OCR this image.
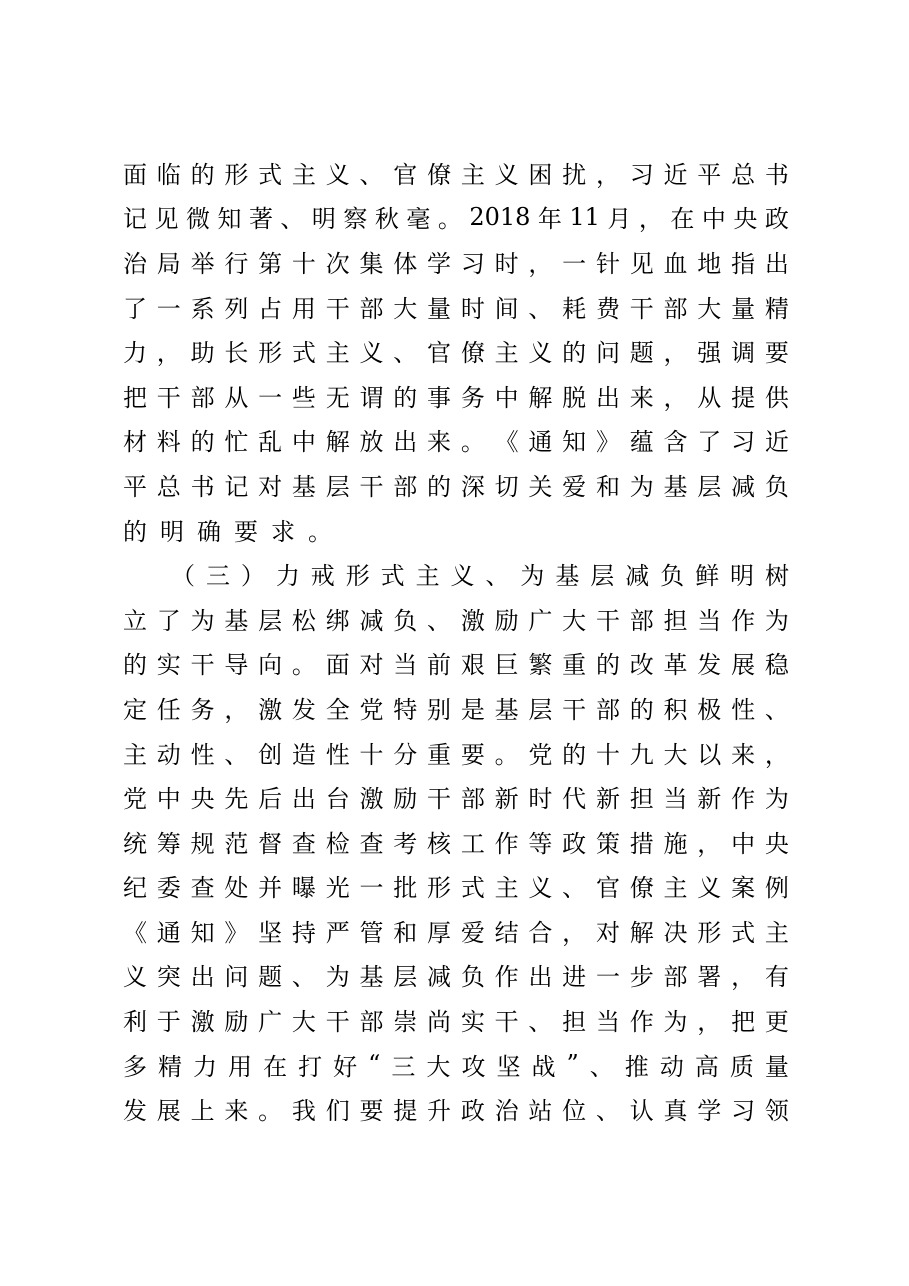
面 临 的 形 式 主 义 、 官 僚 主 义 困 扰 ， 习 近 平 总 书
记 见 微 知 著 、 明 察 秋 毫 。 2018 年 11 月 ， 在 中 央 政
治 局 举 行 第 十 次 集 体 学 习 时 ， 一 针 见 血 地 指 出
了 一 系 列 占 用 干 部 大 量 时 间 、 耗 费 干 部 大 量 精
力 ， 助 长 形 式 主 义 、 官 僚 主 义 的 问 题 ， 强 调 要
把 干 部 从 一 些 无 谓 的 事 务 中 解 脱 出 来 ， 从 提 供
材 料 的 忙 乱 中 解 放 出 来 。 《 通 知 》 蕴 含 了 习 近
平 总 书 记 对 基 层 干 部 的 深 切 关 爱 和 为 基 层 减 负
的 明 确 要 求 。
（ 三 ） 力 戒 形 式 主 义 、 为 基 层 减 负 鲜 明 树
立 了 为 基 层 松 绑 减 负 、 激 励 广 大 干 部 担 当 作 为
的 实 干 导 向 。 面 对 当 前 艰 巨 繁 重 的 改 革 发 展 稳
定 任 务 ， 激 发 全 党 特 别 是 基 层 干 部 的 积 极 性 、
主 动 性 、 创 造 性 十 分 重 要 。 党 的 十 九 大 以 来 ，
党 中 央 先 后 出 台 激 励 干 部 新 时 代 新 担 当 新 作 为
统 筹 规 范 督 查 检 查 考 核 工 作 等 政 策 措 施 ， 中 央
纪 委 查 处 并 曝 光 一 批 形 式 主 义 、 官 僚 主 义 案 例
《 通 知 》 坚 持 严 管 和 厚 爱 结 合 ， 对 解 决 形 式 主
义 突 出 问 题 、 为 基 层 减 负 作 出 进 一 步 部 署 ， 有
利 于 激 励 广 大 干 部 崇 尚 实 干 、 担 当 作 为 ， 把 更
多 精 力 用 在 打 好 “ 三 大 攻 坚 战 ” 、 推 动 高 质 量
发 展 上 来 。 我 们 要 提 升 政 治 站 位 、 认 真 学 习 领
